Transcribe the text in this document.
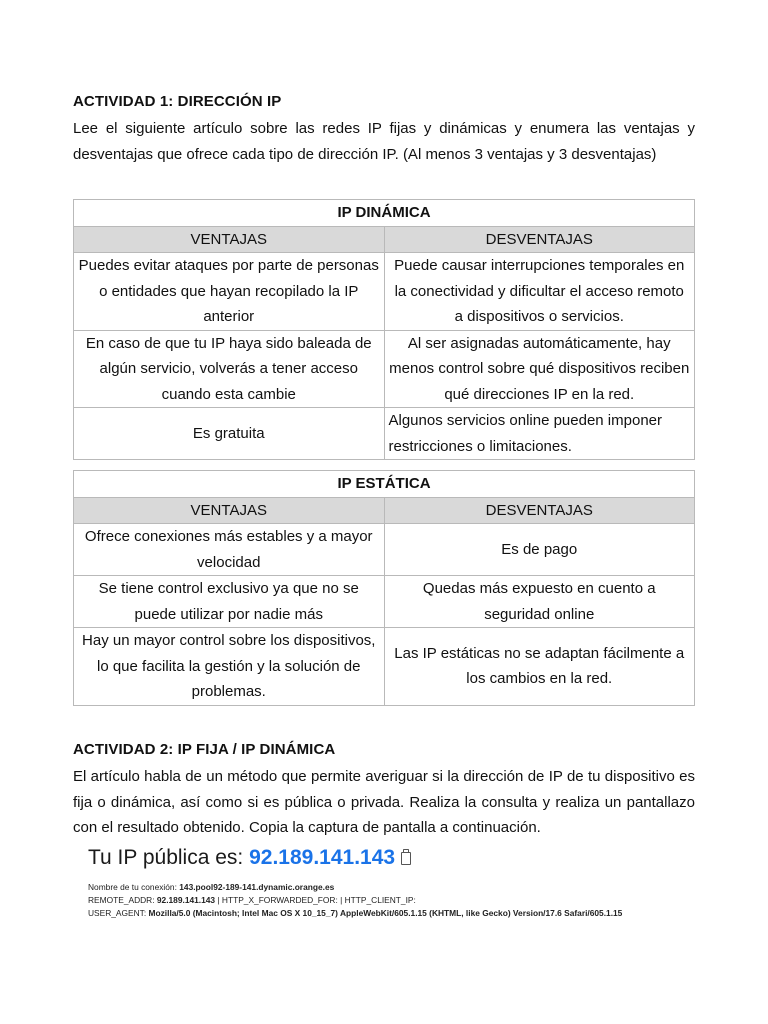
ACTIVIDAD 1: DIRECCIÓN IP

Lee el siguiente artículo sobre las redes IP fijas y dinámicas y enumera las ventajas y desventajas que ofrece cada tipo de dirección IP. (Al menos 3 ventajas y 3 desventajas)

IP DINÁMICA	
VENTAJAS	DESVENTAJAS
Puedes evitar ataques por parte de personas o entidades que hayan recopilado la IP anterior	Puede causar interrupciones temporales en la conectividad y dificultar el acceso remoto a dispositivos o servicios.
En caso de que tu IP haya sido baleada de algún servicio, volverás a tener acceso cuando esta cambie	Al ser asignadas automáticamente, hay menos control sobre qué dispositivos reciben qué direcciones IP en la red.
Es gratuita	Algunos servicios online pueden imponer restricciones o limitaciones.
IP ESTÁTICA	
VENTAJAS	DESVENTAJAS
Ofrece conexiones más estables y a mayor velocidad	Es de pago
Se tiene control exclusivo ya que no se puede utilizar por nadie más	Quedas más expuesto en cuento a seguridad online
Hay un mayor control sobre los dispositivos, lo que facilita la gestión y la solución de problemas.	Las IP estáticas no se adaptan fácilmente a los cambios en la red.
ACTIVIDAD 2: IP FIJA / IP DINÁMICA

El artículo habla de un método que permite averiguar si la dirección de IP de tu dispositivo es fija o dinámica, así como si es pública o privada. Realiza la consulta y realiza un pantallazo con el resultado obtenido. Copia la captura de pantalla a continuación.

Tu IP pública es: 92.189.141.143
Nombre de tu conexión: 143.pool92-189-141.dynamic.orange.es
REMOTE_ADDR: 92.189.141.143 | HTTP_X_FORWARDED_FOR: | HTTP_CLIENT_IP:
USER_AGENT: Mozilla/5.0 (Macintosh; Intel Mac OS X 10_15_7) AppleWebKit/605.1.15 (KHTML, like Gecko) Version/17.6 Safari/605.1.15
